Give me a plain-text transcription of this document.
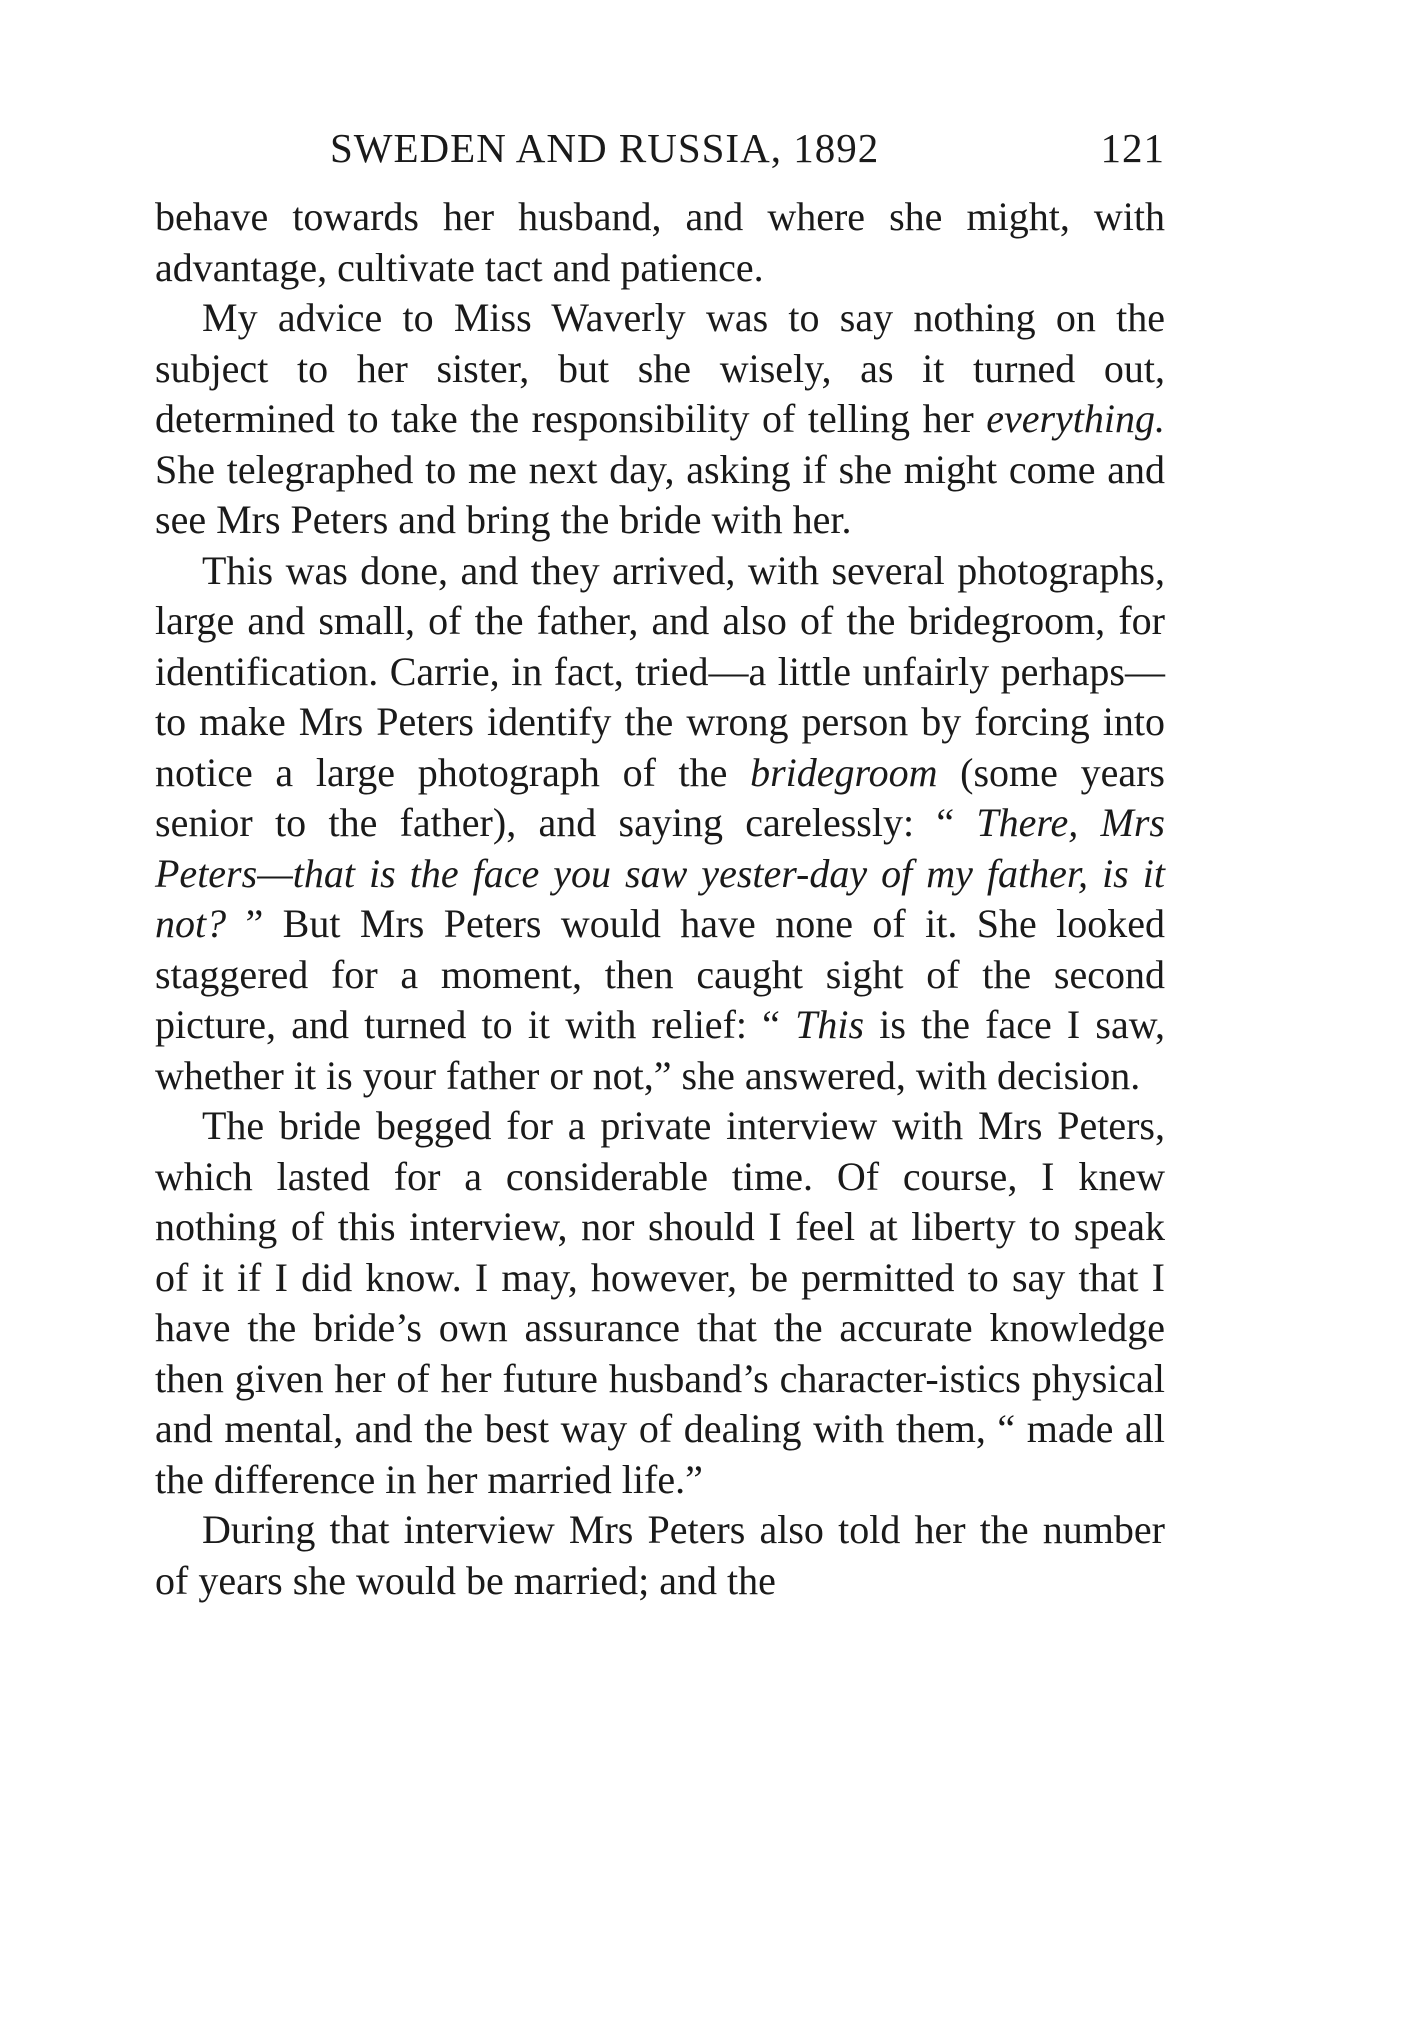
SWEDEN AND RUSSIA, 1892	121

behave towards her husband, and where she might, with advantage, cultivate tact and patience.

My advice to Miss Waverly was to say nothing on the subject to her sister, but she wisely, as it turned out, determined to take the responsibility of telling her everything. She telegraphed to me next day, asking if she might come and see Mrs Peters and bring the bride with her.

This was done, and they arrived, with several photographs, large and small, of the father, and also of the bridegroom, for identification. Carrie, in fact, tried—a little unfairly perhaps—to make Mrs Peters identify the wrong person by forcing into notice a large photograph of the bridegroom (some years senior to the father), and saying carelessly: “ There, Mrs Peters—that is the face you saw yester-day of my father, is it not? ” But Mrs Peters would have none of it. She looked staggered for a moment, then caught sight of the second picture, and turned to it with relief: “ This is the face I saw, whether it is your father or not,” she answered, with decision.

The bride begged for a private interview with Mrs Peters, which lasted for a considerable time. Of course, I knew nothing of this interview, nor should I feel at liberty to speak of it if I did know. I may, however, be permitted to say that I have the bride’s own assurance that the accurate knowledge then given her of her future husband’s character-istics physical and mental, and the best way of dealing with them, “ made all the difference in her married life.”

During that interview Mrs Peters also told her the number of years she would be married; and the
